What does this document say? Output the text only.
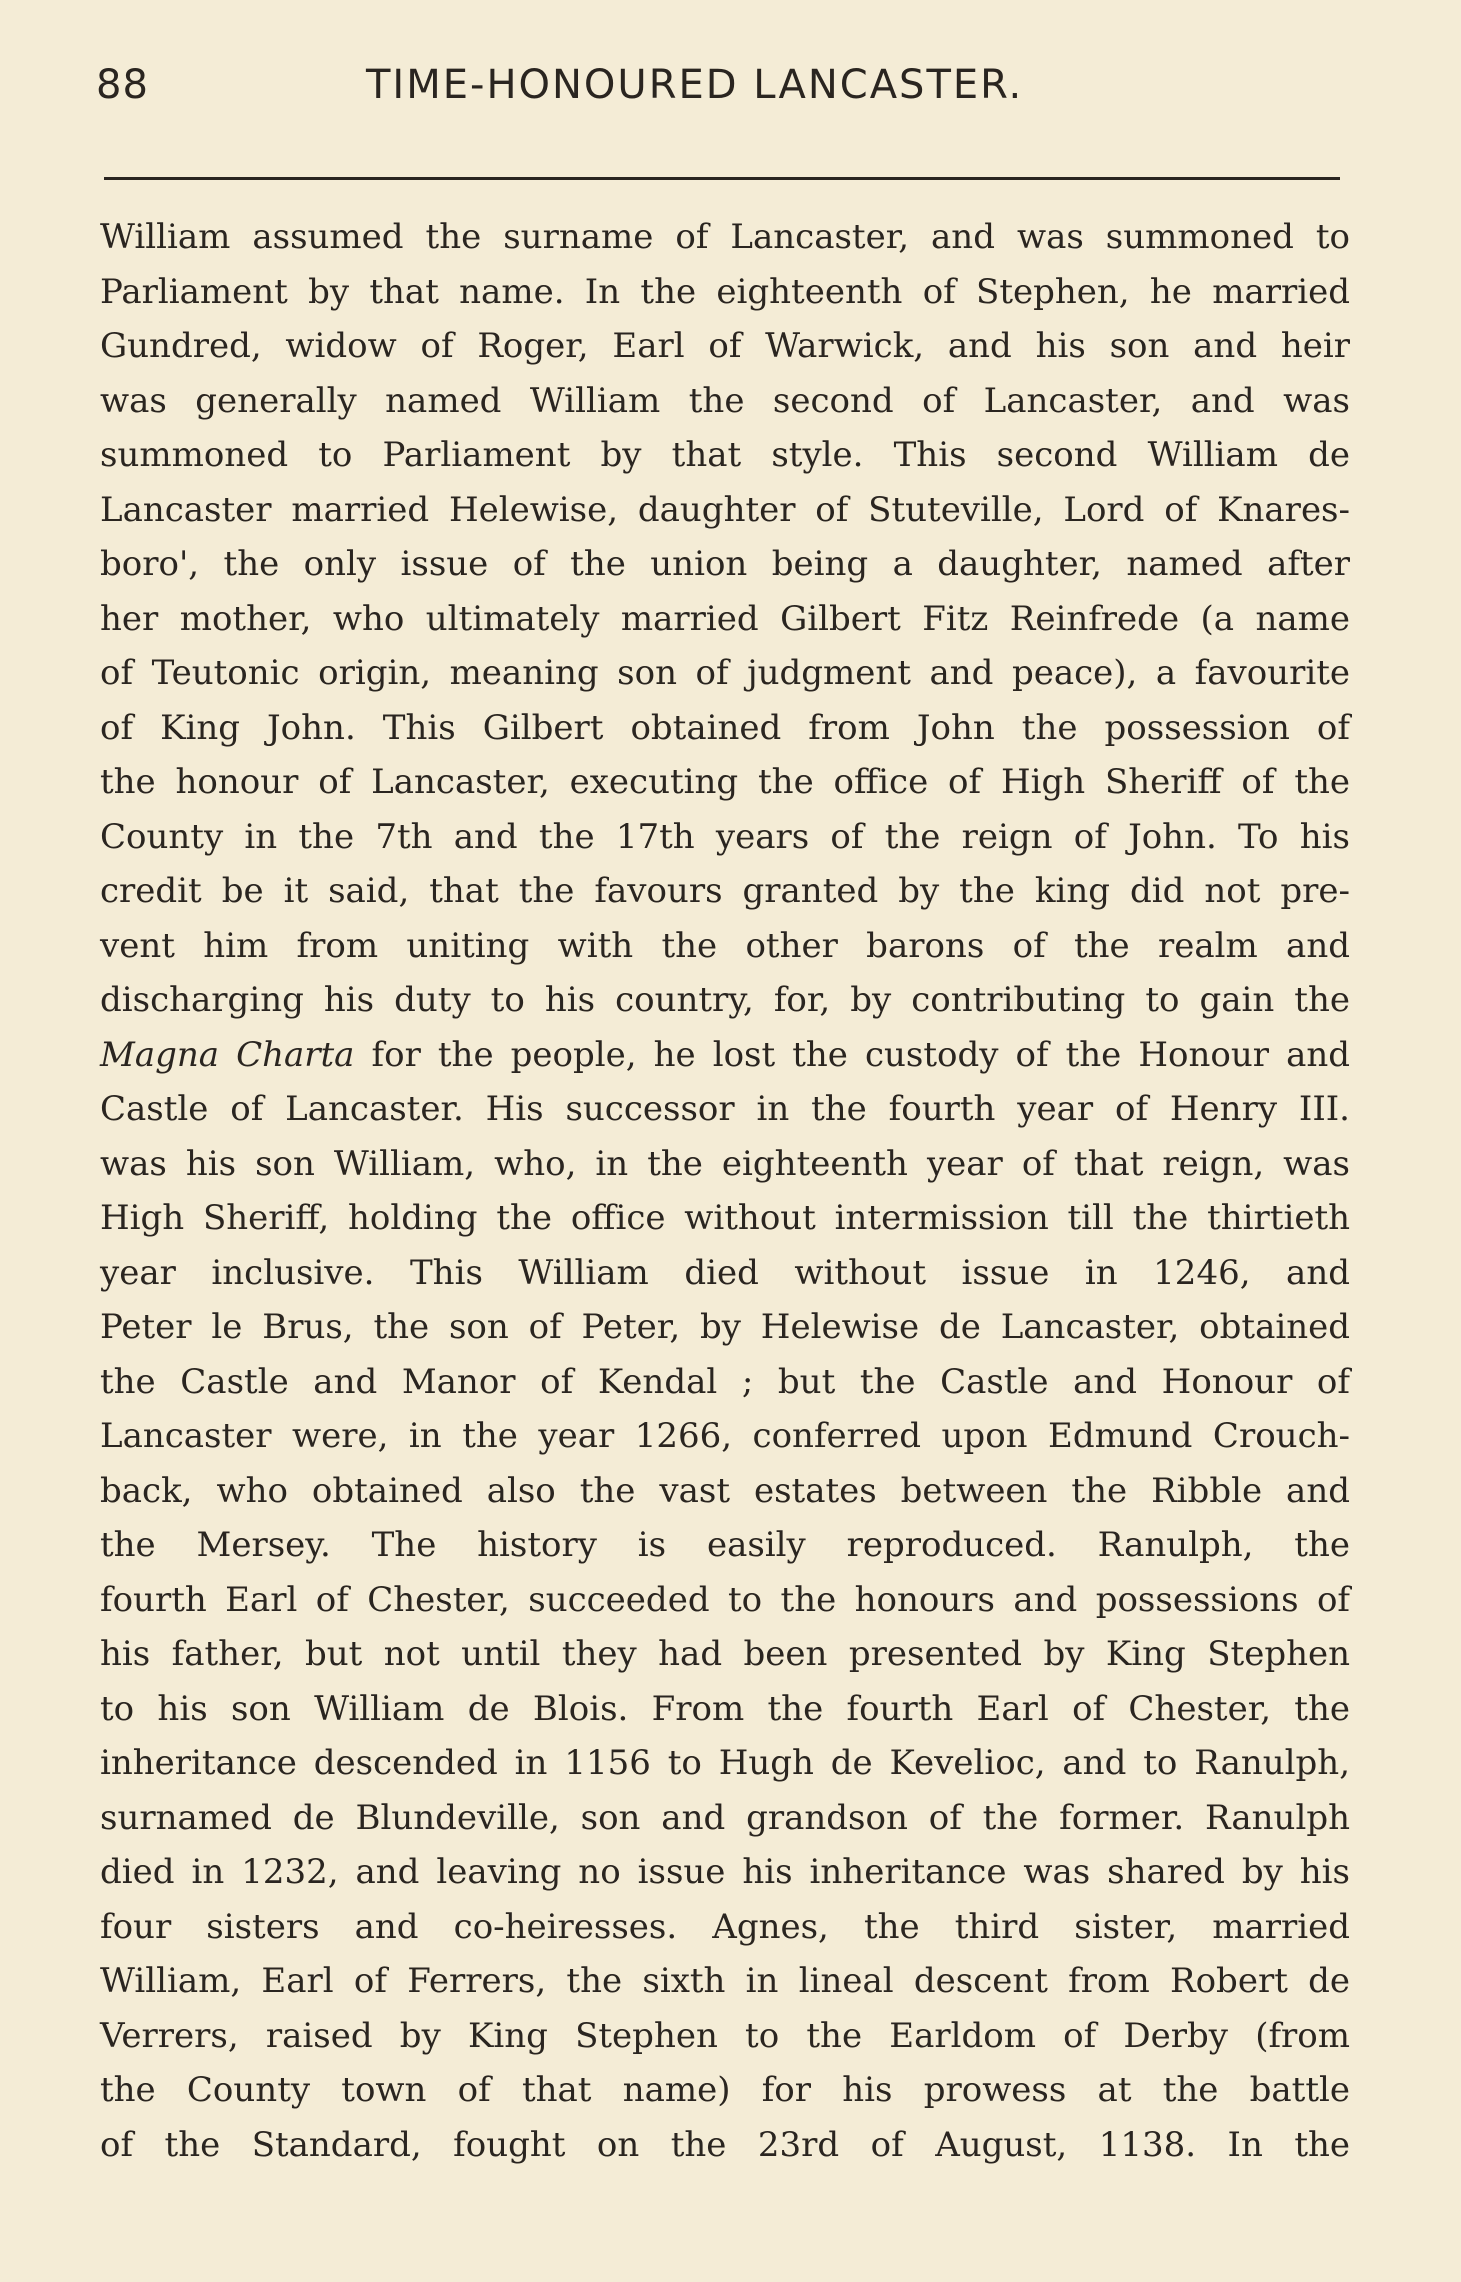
88	TIME-HONOURED LANCASTER.
William assumed the surname of Lancaster, and was summoned to
Parliament by that name. In the eighteenth of Stephen, he married
Gundred, widow of Roger, Earl of Warwick, and his son and heir
was generally named William the second of Lancaster, and was
summoned to Parliament by that style. This second William de
Lancaster married Helewise, daughter of Stuteville, Lord of Knares-
boro', the only issue of the union being a daughter, named after
her mother, who ultimately married Gilbert Fitz Reinfrede (a name
of Teutonic origin, meaning son of judgment and peace), a favourite
of King John. This Gilbert obtained from John the possession of
the honour of Lancaster, executing the office of High Sheriff of the
County in the 7th and the 17th years of the reign of John. To his
credit be it said, that the favours granted by the king did not pre-
vent him from uniting with the other barons of the realm and
discharging his duty to his country, for, by contributing to gain the
Magna Charta for the people, he lost the custody of the Honour and
Castle of Lancaster. His successor in the fourth year of Henry III.
was his son William, who, in the eighteenth year of that reign, was
High Sheriff, holding the office without intermission till the thirtieth
year inclusive. This William died without issue in 1246, and
Peter le Brus, the son of Peter, by Helewise de Lancaster, obtained
the Castle and Manor of Kendal ; but the Castle and Honour of
Lancaster were, in the year 1266, conferred upon Edmund Crouch-
back, who obtained also the vast estates between the Ribble and
the Mersey. The history is easily reproduced. Ranulph, the
fourth Earl of Chester, succeeded to the honours and possessions of
his father, but not until they had been presented by King Stephen
to his son William de Blois. From the fourth Earl of Chester, the
inheritance descended in 1156 to Hugh de Kevelioc, and to Ranulph,
surnamed de Blundeville, son and grandson of the former. Ranulph
died in 1232, and leaving no issue his inheritance was shared by his
four sisters and co-heiresses. Agnes, the third sister, married
William, Earl of Ferrers, the sixth in lineal descent from Robert de
Verrers, raised by King Stephen to the Earldom of Derby (from
the County town of that name) for his prowess at the battle
of the Standard, fought on the 23rd of August, 1138. In the
